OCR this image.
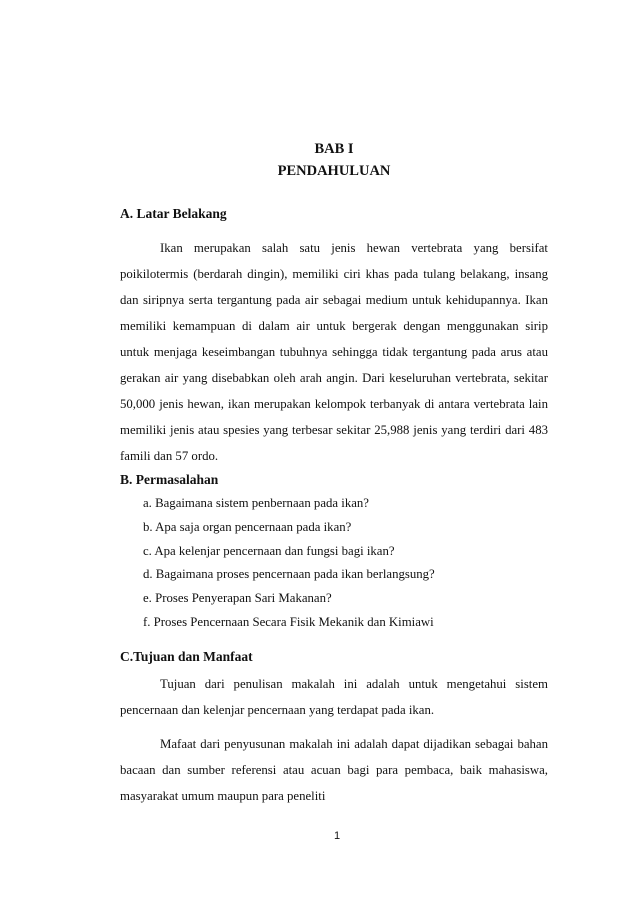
BAB I
PENDAHULUAN
A. Latar Belakang

Ikan merupakan salah satu jenis hewan vertebrata yang bersifat poikilotermis (berdarah dingin), memiliki ciri khas pada tulang belakang, insang dan siripnya serta tergantung pada air sebagai medium untuk kehidupannya. Ikan memiliki kemampuan di dalam air untuk bergerak dengan menggunakan sirip untuk menjaga keseimbangan tubuhnya sehingga tidak tergantung pada arus atau gerakan air yang disebabkan oleh arah angin. Dari keseluruhan vertebrata, sekitar 50,000 jenis hewan, ikan merupakan kelompok terbanyak di antara vertebrata lain memiliki jenis atau spesies yang terbesar sekitar 25,988 jenis yang terdiri dari 483 famili dan 57 ordo.

B. Permasalahan
a. Bagaimana sistem penbernaan pada ikan?
b. Apa saja organ pencernaan pada ikan?
c. Apa kelenjar pencernaan dan fungsi bagi ikan?
d. Bagaimana proses pencernaan pada ikan berlangsung?
e. Proses Penyerapan Sari Makanan?
f. Proses Pencernaan Secara Fisik Mekanik dan Kimiawi
C.Tujuan dan Manfaat

Tujuan dari penulisan makalah ini adalah untuk mengetahui sistem pencernaan dan kelenjar pencernaan yang terdapat pada ikan.

Mafaat dari penyusunan makalah ini adalah dapat dijadikan sebagai bahan bacaan dan sumber referensi atau acuan bagi para pembaca, baik mahasiswa, masyarakat umum maupun para peneliti

1
